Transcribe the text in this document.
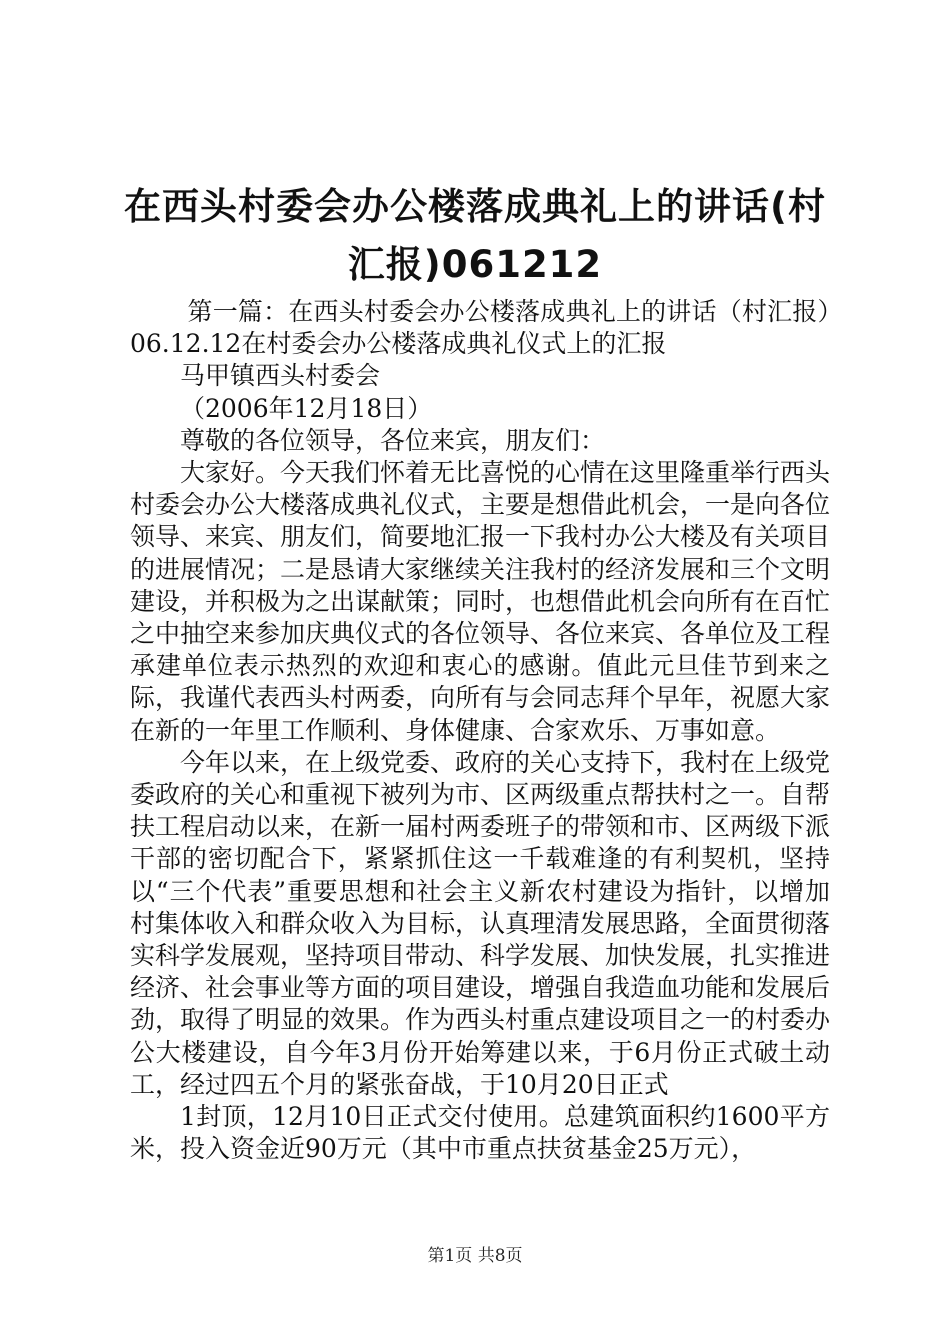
在西头村委会办公楼落成典礼上的讲话(村汇报)061212

第一篇：在西头村委会办公楼落成典礼上的讲话（村汇报）06.12.12在村委会办公楼落成典礼仪式上的汇报

马甲镇西头村委会

（2006年12月18日）

尊敬的各位领导，各位来宾，朋友们：

大家好。今天我们怀着无比喜悦的心情在这里隆重举行西头村委会办公大楼落成典礼仪式，主要是想借此机会，一是向各位领导、来宾、朋友们，简要地汇报一下我村办公大楼及有关项目的进展情况；二是恳请大家继续关注我村的经济发展和三个文明建设，并积极为之出谋献策；同时，也想借此机会向所有在百忙之中抽空来参加庆典仪式的各位领导、各位来宾、各单位及工程承建单位表示热烈的欢迎和衷心的感谢。值此元旦佳节到来之际，我谨代表西头村两委，向所有与会同志拜个早年，祝愿大家在新的一年里工作顺利、身体健康、合家欢乐、万事如意。

今年以来，在上级党委、政府的关心支持下，我村在上级党委政府的关心和重视下被列为市、区两级重点帮扶村之一。自帮扶工程启动以来，在新一届村两委班子的带领和市、区两级下派干部的密切配合下，紧紧抓住这一千载难逢的有利契机，坚持以“三个代表”重要思想和社会主义新农村建设为指针，以增加村集体收入和群众收入为目标，认真理清发展思路，全面贯彻落实科学发展观，坚持项目带动、科学发展、加快发展，扎实推进经济、社会事业等方面的项目建设，增强自我造血功能和发展后劲，取得了明显的效果。作为西头村重点建设项目之一的村委办公大楼建设，自今年3月份开始筹建以来，于6月份正式破土动工，经过四五个月的紧张奋战，于10月20日正式

1封顶，12月10日正式交付使用。总建筑面积约1600平方米，投入资金近90万元（其中市重点扶贫基金25万元），

第1页 共8页
